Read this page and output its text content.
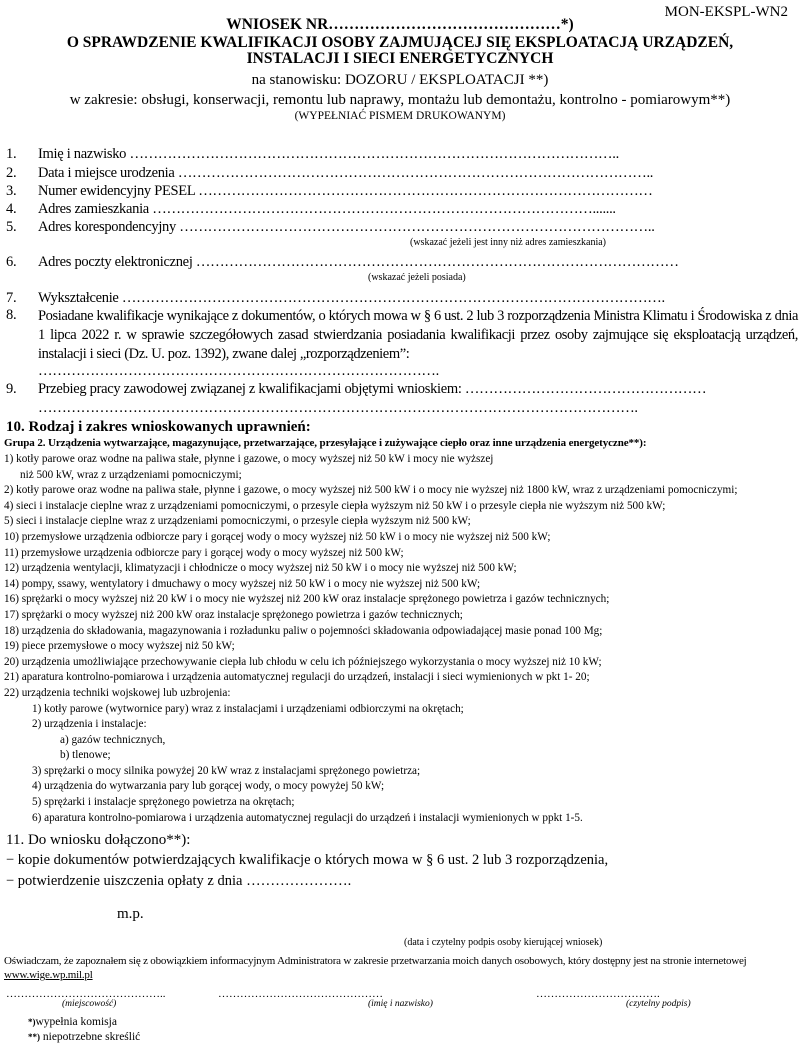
MON-EKSPL-WN2
WNIOSEK NR………………………………………*)
O SPRAWDZENIE KWALIFIKACJI OSOBY ZAJMUJĄCEJ SIĘ EKSPLOATACJĄ URZĄDZEŃ,
INSTALACJI I SIECI ENERGETYCZNYCH
na stanowisku: DOZORU / EKSPLOATACJI **)
w zakresie: obsługi, konserwacji, remontu lub naprawy, montażu lub demontażu, kontrolno - pomiarowym**)
(WYPEŁNIAĆ PISMEM DRUKOWANYM)
1. Imię i nazwisko …………………………………………………………………………………………..
2. Data i miejsce urodzenia ………………………………………………………………………………………..
3. Numer ewidencyjny PESEL ……………………………………………………………………………………
4. Adres zamieszkania ………………………………………………………………………………….......
5. Adres korespondencyjny ………………………………………………………………………………………..
(wskazać jeżeli jest inny niż adres zamieszkania)
6. Adres poczty elektronicznej …………………………………………………………………………………………
(wskazać jeżeli posiada)
7. Wykształcenie …………………………………………………………………………………………………….
8. Posiadane kwalifikacje wynikające z dokumentów, o których mowa w § 6 ust. 2 lub 3 rozporządzenia Ministra Klimatu i Środowiska z dnia 1 lipca 2022 r. w sprawie szczegółowych zasad stwierdzania posiadania kwalifikacji przez osoby zajmujące się eksploatacją urządzeń, instalacji i sieci (Dz. U. poz. 1392), zwane dalej „rozporządzeniem”:
………………………………………………………………………….
9. Przebieg pracy zawodowej związanej z kwalifikacjami objętymi wnioskiem: ……………………………………………
……………………………………………………………………………………………………………….
10. Rodzaj i zakres wnioskowanych uprawnień:
Grupa 2. Urządzenia wytwarzające, magazynujące, przetwarzające, przesyłające i zużywające ciepło oraz inne urządzenia energetyczne**):
1) kotły parowe oraz wodne na paliwa stałe, płynne i gazowe, o mocy wyższej niż 50 kW i mocy nie wyższej
niż 500 kW, wraz z urządzeniami pomocniczymi;
2) kotły parowe oraz wodne na paliwa stałe, płynne i gazowe, o mocy wyższej niż 500 kW i o mocy nie wyższej niż 1800 kW, wraz z urządzeniami pomocniczymi;
4) sieci i instalacje cieplne wraz z urządzeniami pomocniczymi, o przesyle ciepła wyższym niż 50 kW i o przesyle ciepła nie wyższym niż 500 kW;
5) sieci i instalacje cieplne wraz z urządzeniami pomocniczymi, o przesyle ciepła wyższym niż 500 kW;
10) przemysłowe urządzenia odbiorcze pary i gorącej wody o mocy wyższej niż 50 kW i o mocy nie wyższej niż 500 kW;
11) przemysłowe urządzenia odbiorcze pary i gorącej wody o mocy wyższej niż 500 kW;
12) urządzenia wentylacji, klimatyzacji i chłodnicze o mocy wyższej niż 50 kW i o mocy nie wyższej niż 500 kW;
14) pompy, ssawy, wentylatory i dmuchawy o mocy wyższej niż 50 kW i o mocy nie wyższej niż 500 kW;
16) sprężarki o mocy wyższej niż 20 kW i o mocy nie wyższej niż 200 kW oraz instalacje sprężonego powietrza i gazów technicznych;
17) sprężarki o mocy wyższej niż 200 kW oraz instalacje sprężonego powietrza i gazów technicznych;
18) urządzenia do składowania, magazynowania i rozładunku paliw o pojemności składowania odpowiadającej masie ponad 100 Mg;
19) piece przemysłowe o mocy wyższej niż 50 kW;
20) urządzenia umożliwiające przechowywanie ciepła lub chłodu w celu ich późniejszego wykorzystania o mocy wyższej niż 10 kW;
21) aparatura kontrolno-pomiarowa i urządzenia automatycznej regulacji do urządzeń, instalacji i sieci wymienionych w pkt 1- 20;
22) urządzenia techniki wojskowej lub uzbrojenia:
1) kotły parowe (wytwornice pary) wraz z instalacjami i urządzeniami odbiorczymi na okrętach;
2) urządzenia i instalacje:
a) gazów technicznych,
b) tlenowe;
3) sprężarki o mocy silnika powyżej 20 kW wraz z instalacjami sprężonego powietrza;
4) urządzenia do wytwarzania pary lub gorącej wody, o mocy powyżej 50 kW;
5) sprężarki i instalacje sprężonego powietrza na okrętach;
6) aparatura kontrolno-pomiarowa i urządzenia automatycznej regulacji do urządzeń i instalacji wymienionych w ppkt 1-5.
11. Do wniosku dołączono**):
− kopie dokumentów potwierdzających kwalifikacje o których mowa w § 6 ust. 2 lub 3 rozporządzenia,
− potwierdzenie uiszczenia opłaty z dnia ………………….
m.p.
(data i czytelny podpis osoby kierującej wniosek)
Oświadczam, że zapoznałem się z obowiązkiem informacyjnym Administratora w zakresie przetwarzania moich danych osobowych, który dostępny jest na stronie internetowej www.wige.wp.mil.pl
……………………………………..	………………………………………	…………………………….
(miejscowość)	(imię i nazwisko)	(czytelny podpis)
*)wypełnia komisja
**) niepotrzebne skreślić
